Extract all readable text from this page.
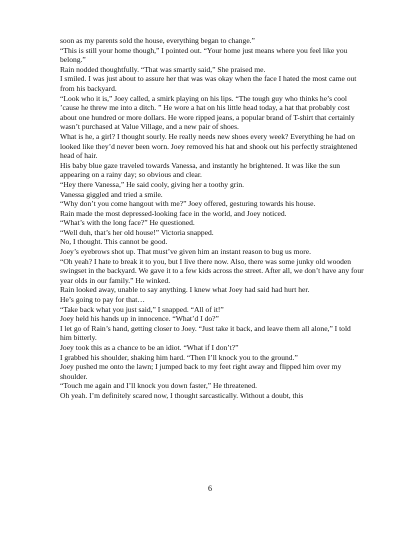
soon as my parents sold the house, everything began to change.”

“This is still your home though,” I pointed out. “Your home just means where you feel like you belong.”

Rain nodded thoughtfully. “That was smartly said,” She praised me.

I smiled. I was just about to assure her that was was okay when the face I hated the most came out from his backyard.

“Look who it is,” Joey called, a smirk playing on his lips. “The tough guy who thinks he’s cool ’cause he threw me into a ditch. ” He wore a hat on his little head today, a hat that probably cost about one hundred or more dollars. He wore ripped jeans, a popular brand of T-shirt that certainly wasn’t purchased at Value Village, and a new pair of shoes.

What is he, a girl? I thought sourly. He really needs new shoes every week? Everything he had on looked like they’d never been worn. Joey removed his hat and shook out his perfectly straightened head of hair.

His baby blue gaze traveled towards Vanessa, and instantly he brightened. It was like the sun appearing on a rainy day; so obvious and clear.

“Hey there Vanessa,” He said cooly, giving her a toothy grin.

Vanessa giggled and tried a smile.

“Why don’t you come hangout with me?” Joey offered, gesturing towards his house.

Rain made the most depressed-looking face in the world, and Joey noticed.

“What’s with the long face?” He questioned.

“Well duh, that’s her old house!” Victoria snapped.

No, I thought. This cannot be good.

Joey’s eyebrows shot up. That must’ve given him an instant reason to bug us more.

“Oh yeah? I hate to break it to you, but I live there now. Also, there was some junky old wooden swingset in the backyard. We gave it to a few kids across the street. After all, we don’t have any four year olds in our family.” He winked.

Rain looked away, unable to say anything. I knew what Joey had said had hurt her.

He’s going to pay for that…

“Take back what you just said,” I snapped. “All of it!”

Joey held his hands up in innocence. “What’d I do?”

I let go of Rain’s hand, getting closer to Joey. “Just take it back, and leave them all alone,” I told him bitterly.

Joey took this as a chance to be an idiot. “What if I don’t?”

I grabbed his shoulder, shaking him hard. “Then I’ll knock you to the ground.”

Joey pushed me onto the lawn; I jumped back to my feet right away and flipped him over my shoulder.

“Touch me again and I’ll knock you down faster,” He threatened.

Oh yeah. I’m definitely scared now, I thought sarcastically. Without a doubt, this

6
